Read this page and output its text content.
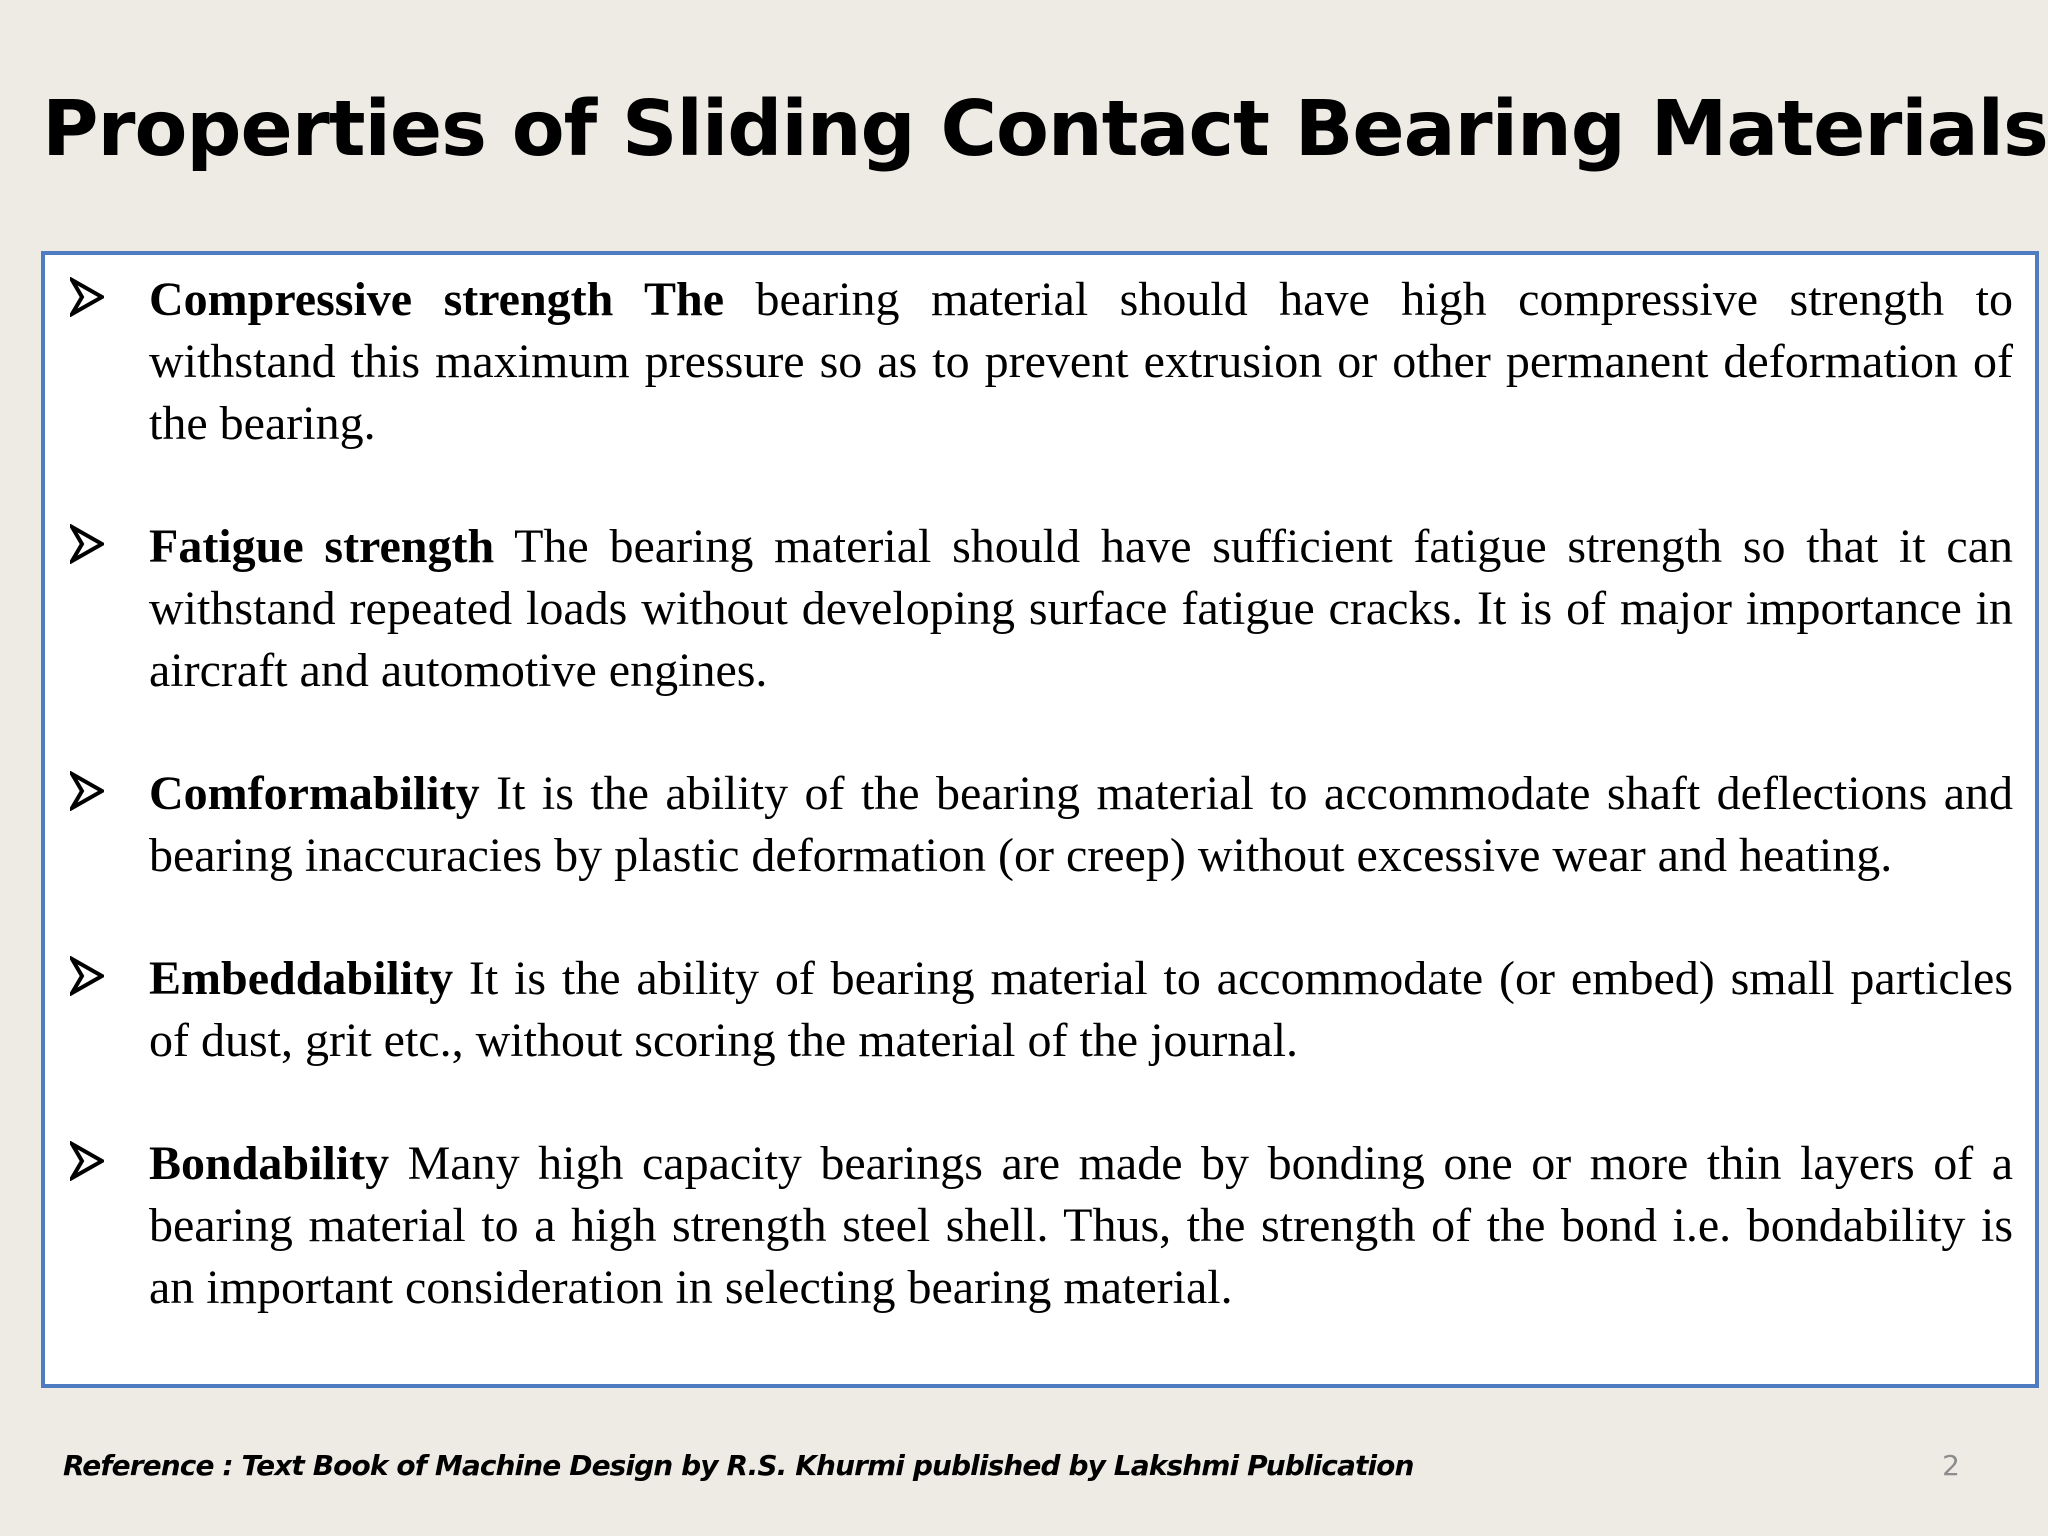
Properties of Sliding Contact Bearing Materials
Compressive strength The bearing material should have high compressive strength to withstand this maximum pressure so as to prevent extrusion or other permanent deformation of the bearing.
Fatigue strength The bearing material should have sufficient fatigue strength so that it can withstand repeated loads without developing surface fatigue cracks. It is of major importance in aircraft and automotive engines.
Comformability It is the ability of the bearing material to accommodate shaft deflections and bearing inaccuracies by plastic deformation (or creep) without excessive wear and heating.
Embeddability It is the ability of bearing material to accommodate (or embed) small particles of dust, grit etc., without scoring the material of the journal.
Bondability Many high capacity bearings are made by bonding one or more thin layers of a bearing material to a high strength steel shell. Thus, the strength of the bond i.e. bondability is an important consideration in selecting bearing material.
Reference : Text Book of Machine Design by R.S. Khurmi published by Lakshmi Publication	2
